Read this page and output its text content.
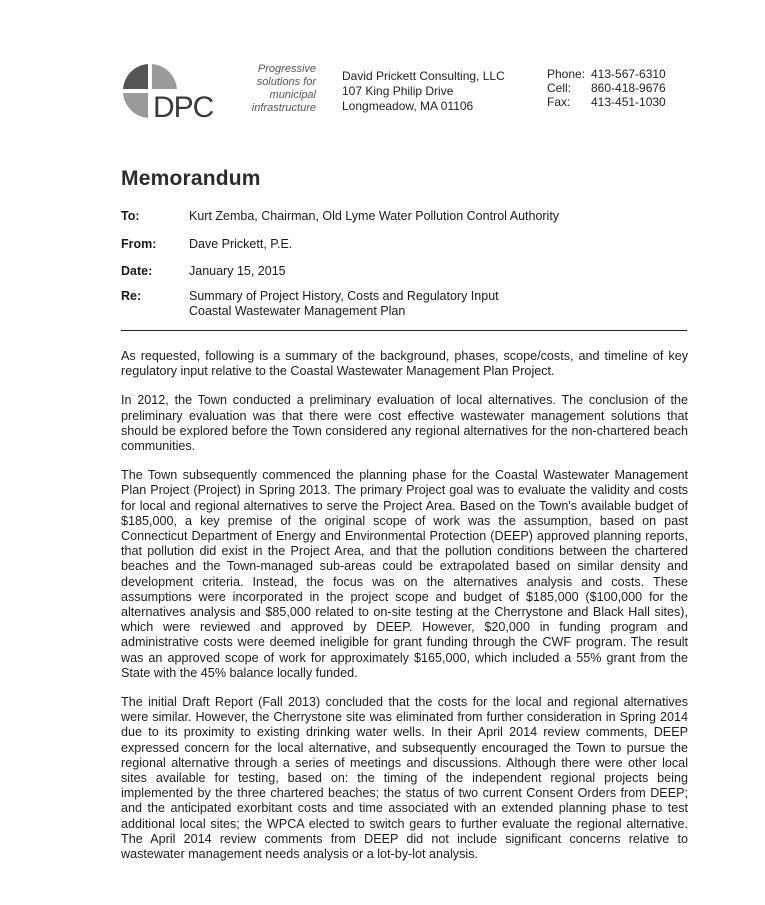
DPC
Progressive
solutions for
municipal
infrastructure
David Prickett Consulting, LLC
107 King Philip Drive
Longmeadow, MA 01106
Phone: 413-567-6310
Cell:	860-418-9676
Fax:	413-451-1030
Memorandum
To:	Kurt Zemba, Chairman, Old Lyme Water Pollution Control Authority
From:	Dave Prickett, P.E.
Date:	January 15, 2015
Re:	Summary of Project History, Costs and Regulatory Input
Coastal Wastewater Management Plan

As requested, following is a summary of the background, phases, scope/costs, and timeline of key regulatory input relative to the Coastal Wastewater Management Plan Project.

In 2012, the Town conducted a preliminary evaluation of local alternatives. The conclusion of the preliminary evaluation was that there were cost effective wastewater management solutions that should be explored before the Town considered any regional alternatives for the non-chartered beach communities.

The Town subsequently commenced the planning phase for the Coastal Wastewater Management Plan Project (Project) in Spring 2013. The primary Project goal was to evaluate the validity and costs for local and regional alternatives to serve the Project Area. Based on the Town's available budget of $185,000, a key premise of the original scope of work was the assumption, based on past Connecticut Department of Energy and Environmental Protection (DEEP) approved planning reports, that pollution did exist in the Project Area, and that the pollution conditions between the chartered beaches and the Town-managed sub-areas could be extrapolated based on similar density and development criteria. Instead, the focus was on the alternatives analysis and costs. These assumptions were incorporated in the project scope and budget of $185,000 ($100,000 for the alternatives analysis and $85,000 related to on-site testing at the Cherrystone and Black Hall sites), which were reviewed and approved by DEEP. However, $20,000 in funding program and administrative costs were deemed ineligible for grant funding through the CWF program. The result was an approved scope of work for approximately $165,000, which included a 55% grant from the State with the 45% balance locally funded.

The initial Draft Report (Fall 2013) concluded that the costs for the local and regional alternatives were similar. However, the Cherrystone site was eliminated from further consideration in Spring 2014 due to its proximity to existing drinking water wells. In their April 2014 review comments, DEEP expressed concern for the local alternative, and subsequently encouraged the Town to pursue the regional alternative through a series of meetings and discussions. Although there were other local sites available for testing, based on: the timing of the independent regional projects being implemented by the three chartered beaches; the status of two current Consent Orders from DEEP; and the anticipated exorbitant costs and time associated with an extended planning phase to test additional local sites; the WPCA elected to switch gears to further evaluate the regional alternative. The April 2014 review comments from DEEP did not include significant concerns relative to wastewater management needs analysis or a lot-by-lot analysis.
